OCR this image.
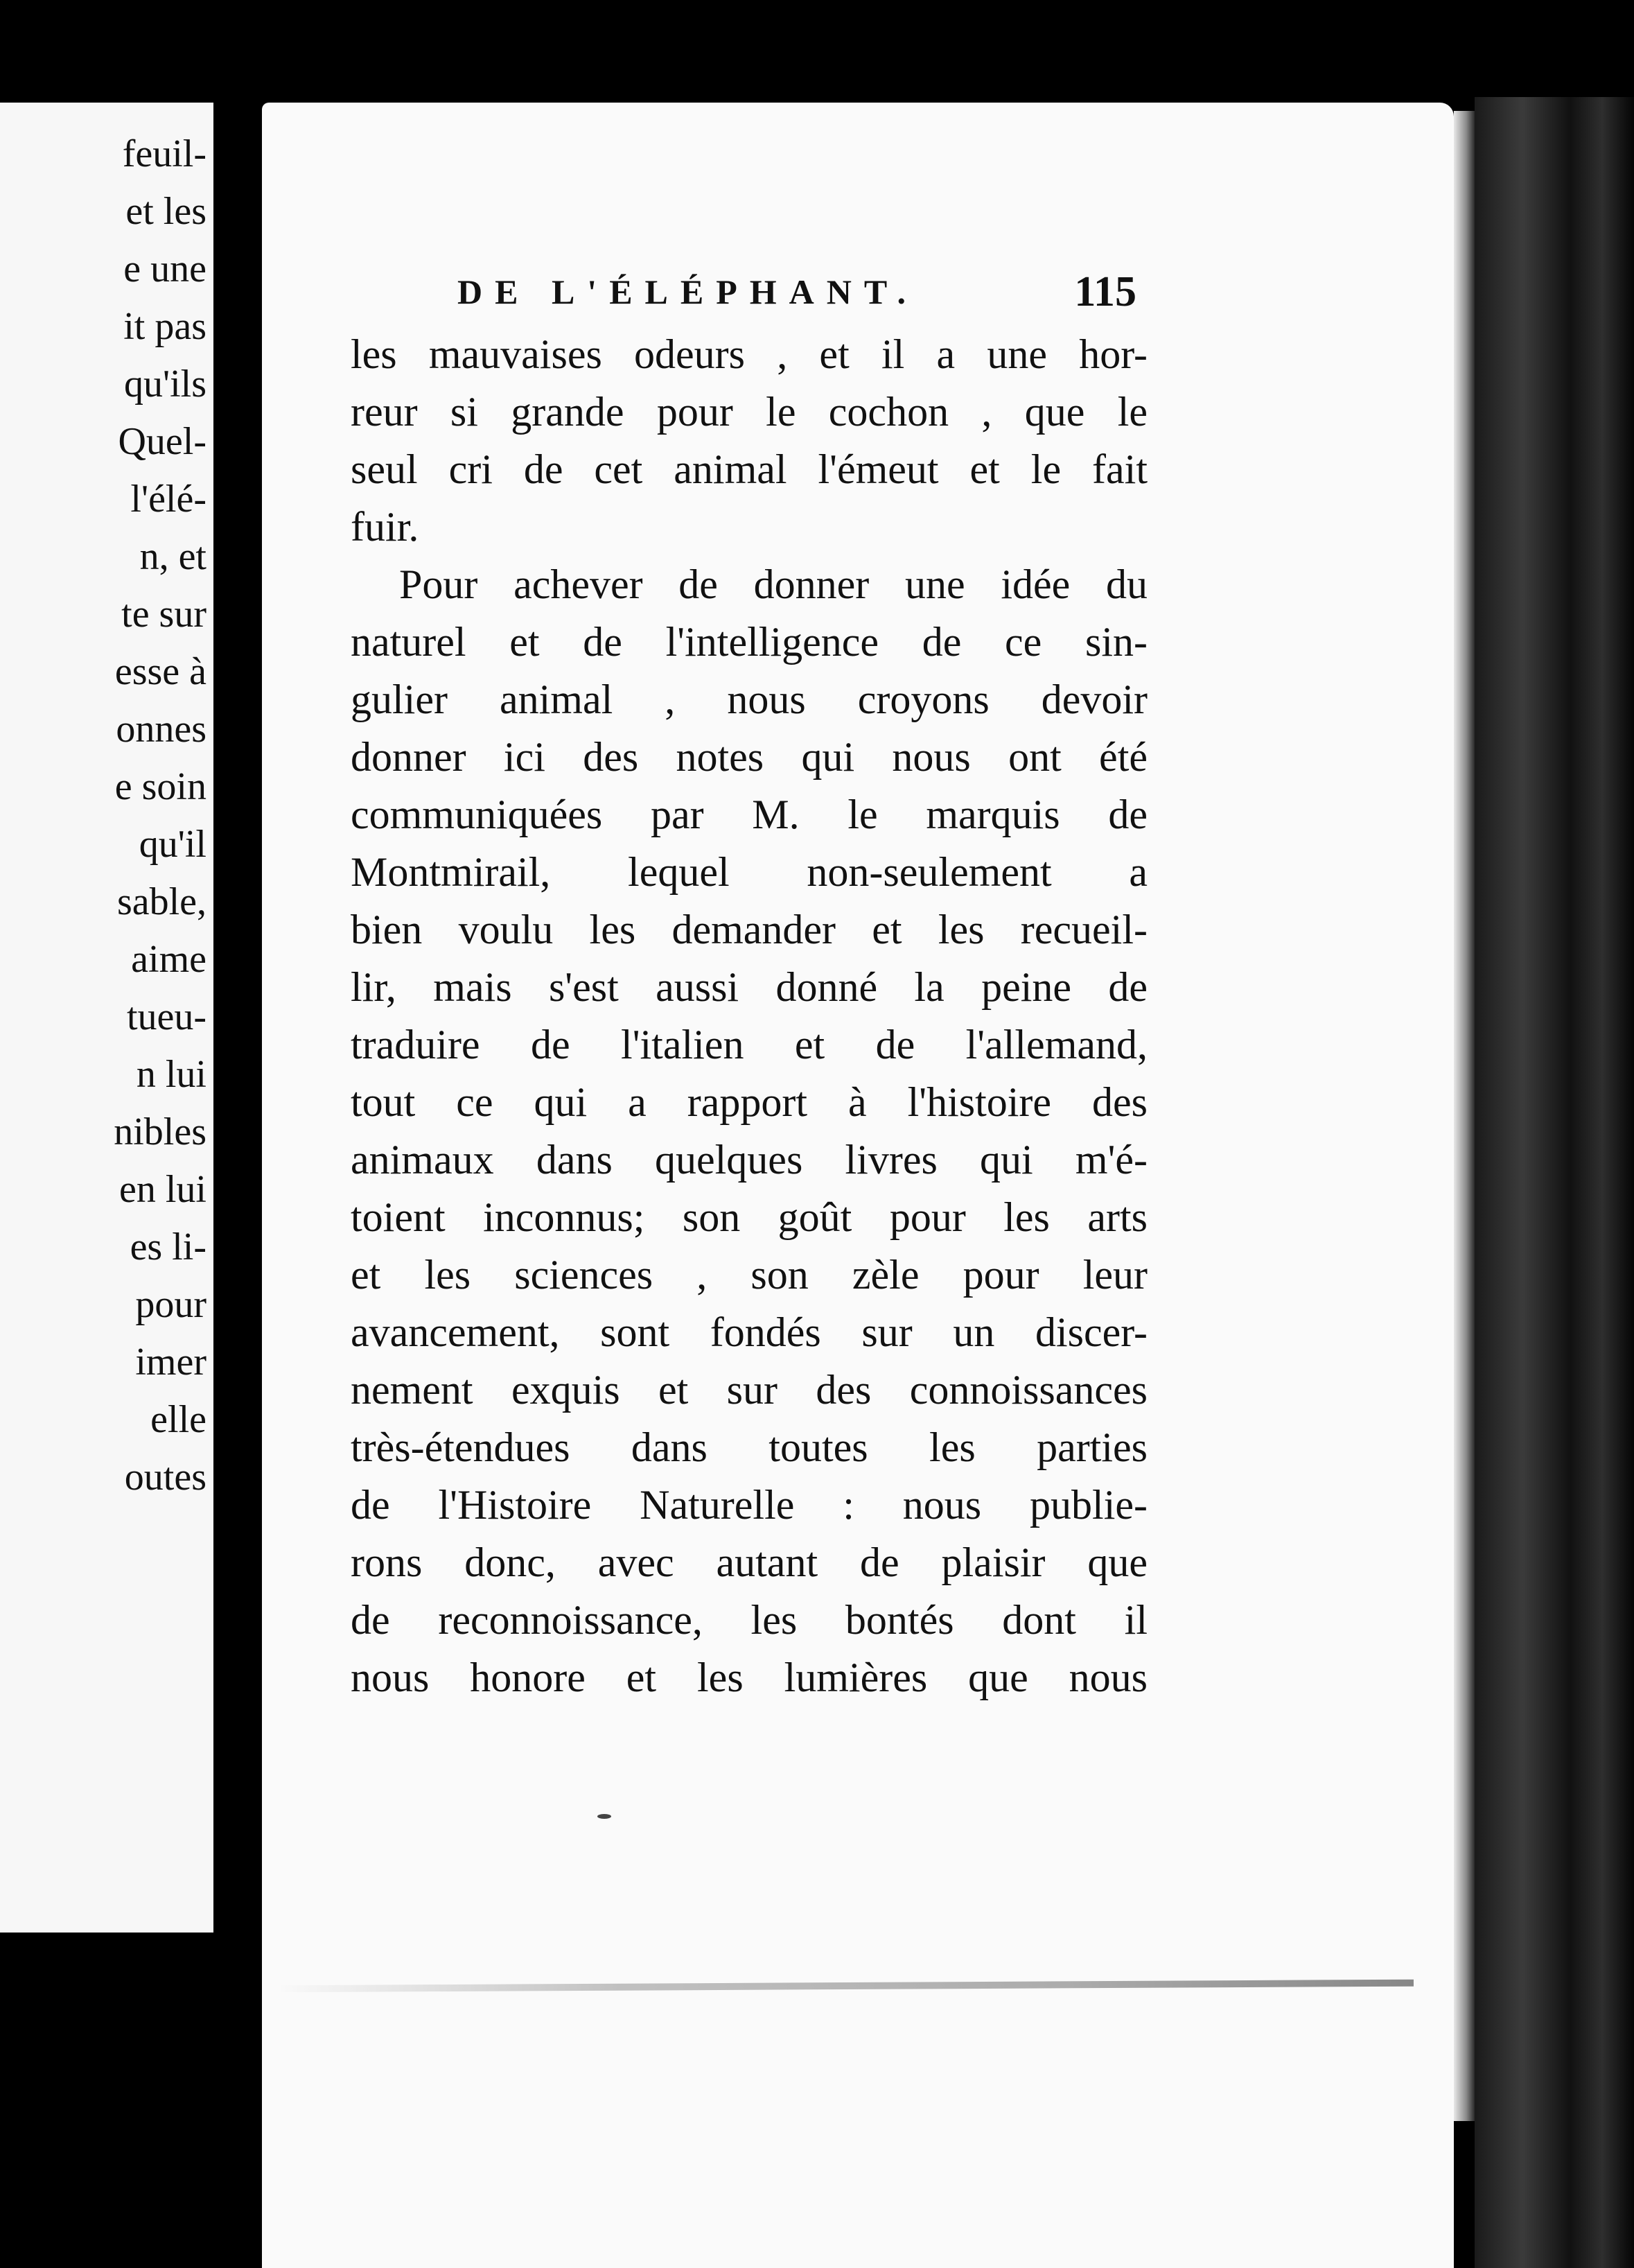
feuil-

et les

e une

it pas

qu'ils

Quel-

l'élé-

n, et

te sur

esse à

onnes

e soin

qu'il

sable,

aime

tueu-

n lui

nibles

en lui

es li-

pour

imer

elle

outes

DE L'ÉLÉPHANT.	115

les mauvaises odeurs , et il a une hor-

reur si grande pour le cochon , que le

seul cri de cet animal l'émeut et le fait

fuir.

Pour achever de donner une idée du

naturel et de l'intelligence de ce sin-

gulier animal , nous croyons devoir

donner ici des notes qui nous ont été

communiquées par M. le marquis de

Montmirail, lequel non-seulement a

bien voulu les demander et les recueil-

lir, mais s'est aussi donné la peine de

traduire de l'italien et de l'allemand,

tout ce qui a rapport à l'histoire des

animaux dans quelques livres qui m'é-

toient inconnus; son goût pour les arts

et les sciences , son zèle pour leur

avancement, sont fondés sur un discer-

nement exquis et sur des connoissances

très-étendues dans toutes les parties

de l'Histoire Naturelle : nous publie-

rons donc, avec autant de plaisir que

de reconnoissance, les bontés dont il

nous honore et les lumières que nous
